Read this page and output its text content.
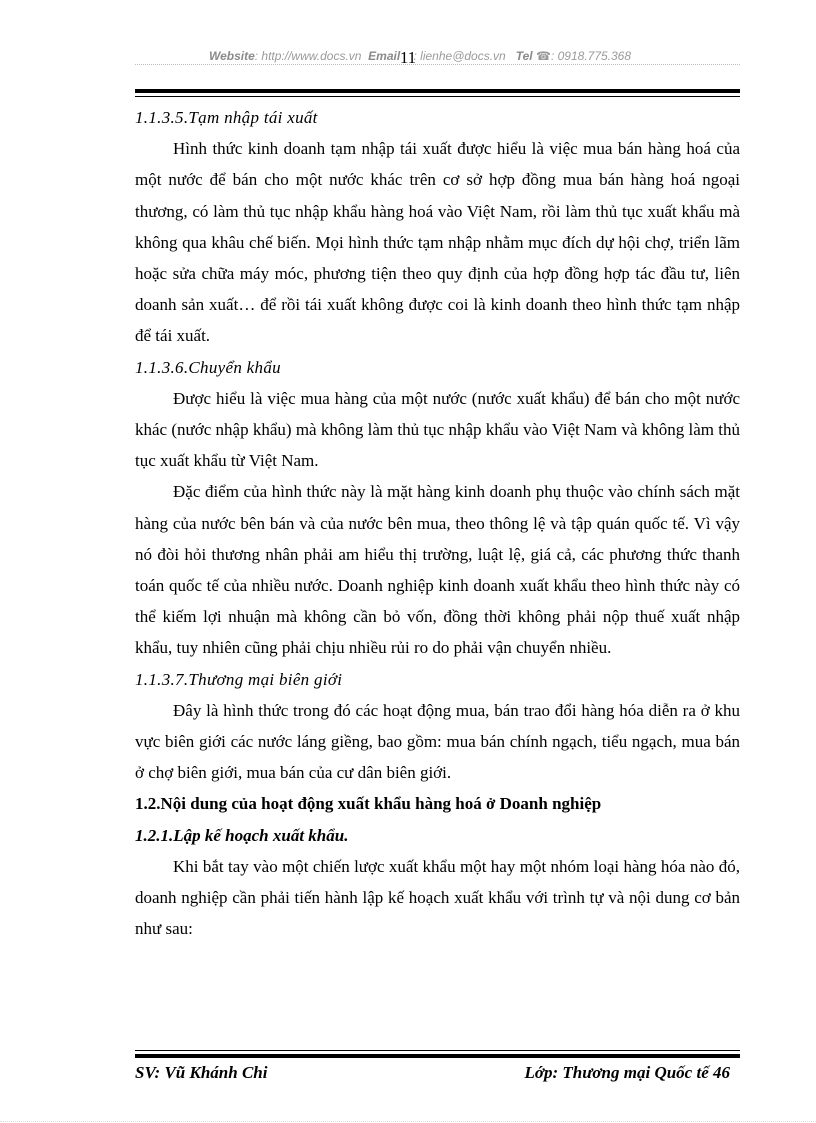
Website: http://www.docs.vn Email : lienhe@docs.vn Tel ☎: 0918.775.368
11

1.1.3.5.Tạm nhập tái xuất

Hình thức kinh doanh tạm nhập tái xuất được hiểu là việc mua bán hàng hoá của một nước để bán cho một nước khác trên cơ sở hợp đồng mua bán hàng hoá ngoại thương, có làm thủ tục nhập khẩu hàng hoá vào Việt Nam, rồi làm thủ tục xuất khẩu mà không qua khâu chế biến. Mọi hình thức tạm nhập nhằm mục đích dự hội chợ, triển lãm hoặc sửa chữa máy móc, phương tiện theo quy định của hợp đồng hợp tác đầu tư, liên doanh sản xuất… để rồi tái xuất không được coi là kinh doanh theo hình thức tạm nhập để tái xuất.

1.1.3.6.Chuyển khẩu

Được hiểu là việc mua hàng của một nước (nước xuất khẩu) để bán cho một nước khác (nước nhập khẩu) mà không làm thủ tục nhập khẩu vào Việt Nam và không làm thủ tục xuất khẩu từ Việt Nam.

Đặc điểm của hình thức này là mặt hàng kinh doanh phụ thuộc vào chính sách mặt hàng của nước bên bán và của nước bên mua, theo thông lệ và tập quán quốc tế. Vì vậy nó đòi hỏi thương nhân phải am hiểu thị trường, luật lệ, giá cả, các phương thức thanh toán quốc tế của nhiều nước. Doanh nghiệp kinh doanh xuất khẩu theo hình thức này có thể kiếm lợi nhuận mà không cần bỏ vốn, đồng thời không phải nộp thuế xuất nhập khẩu, tuy nhiên cũng phải chịu nhiều rủi ro do phải vận chuyển nhiều.

1.1.3.7.Thương mại biên giới

Đây là hình thức trong đó các hoạt động mua, bán trao đổi hàng hóa diễn ra ở khu vực biên giới các nước láng giềng, bao gồm: mua bán chính ngạch, tiểu ngạch, mua bán ở chợ biên giới, mua bán của cư dân biên giới.

1.2.Nội dung của hoạt động xuất khẩu hàng hoá ở Doanh nghiệp

1.2.1.Lập kế hoạch xuất khẩu.

Khi bắt tay vào một chiến lược xuất khẩu một hay một nhóm loại hàng hóa nào đó, doanh nghiệp cần phải tiến hành lập kế hoạch xuất khẩu với trình tự và nội dung cơ bản như sau:

SV: Vũ Khánh Chi	Lớp: Thương mại Quốc tế 46
